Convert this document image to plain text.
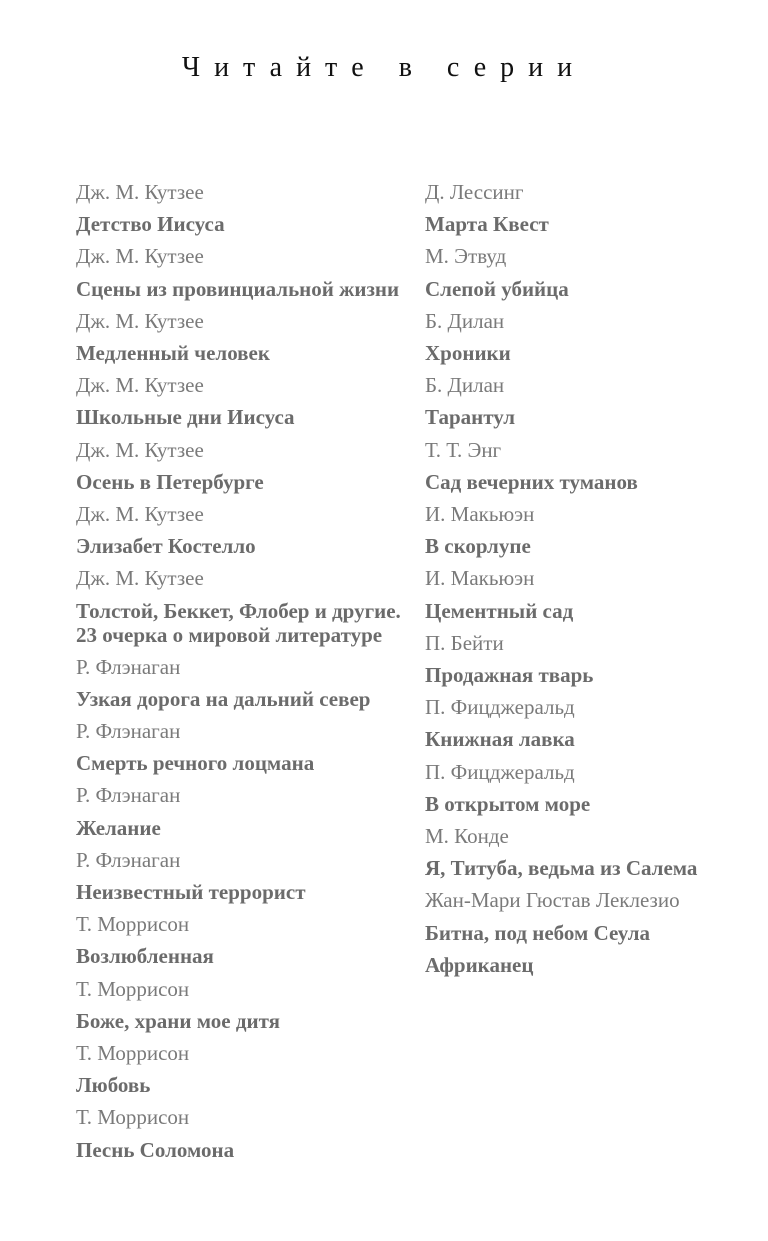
Читайте в серии
Дж. М. Кутзее
Детство Иисуса
Дж. М. Кутзее
Сцены из провинциальной жизни
Дж. М. Кутзее
Медленный человек
Дж. М. Кутзее
Школьные дни Иисуса
Дж. М. Кутзее
Осень в Петербурге
Дж. М. Кутзее
Элизабет Костелло
Дж. М. Кутзее
Толстой, Беккет, Флобер и другие. 23 очерка о мировой литературе
Р. Флэнаган
Узкая дорога на дальний север
Р. Флэнаган
Смерть речного лоцмана
Р. Флэнаган
Желание
Р. Флэнаган
Неизвестный террорист
Т. Моррисон
Возлюбленная
Т. Моррисон
Боже, храни мое дитя
Т. Моррисон
Любовь
Т. Моррисон
Песнь Соломона
Д. Лессинг
Марта Квест
М. Этвуд
Слепой убийца
Б. Дилан
Хроники
Б. Дилан
Тарантул
Т. Т. Энг
Сад вечерних туманов
И. Макьюэн
В скорлупе
И. Макьюэн
Цементный сад
П. Бейти
Продажная тварь
П. Фицджеральд
Книжная лавка
П. Фицджеральд
В открытом море
М. Конде
Я, Титуба, ведьма из Салема
Жан-Мари Гюстав Леклезио
Битна, под небом Сеула
Африканец
